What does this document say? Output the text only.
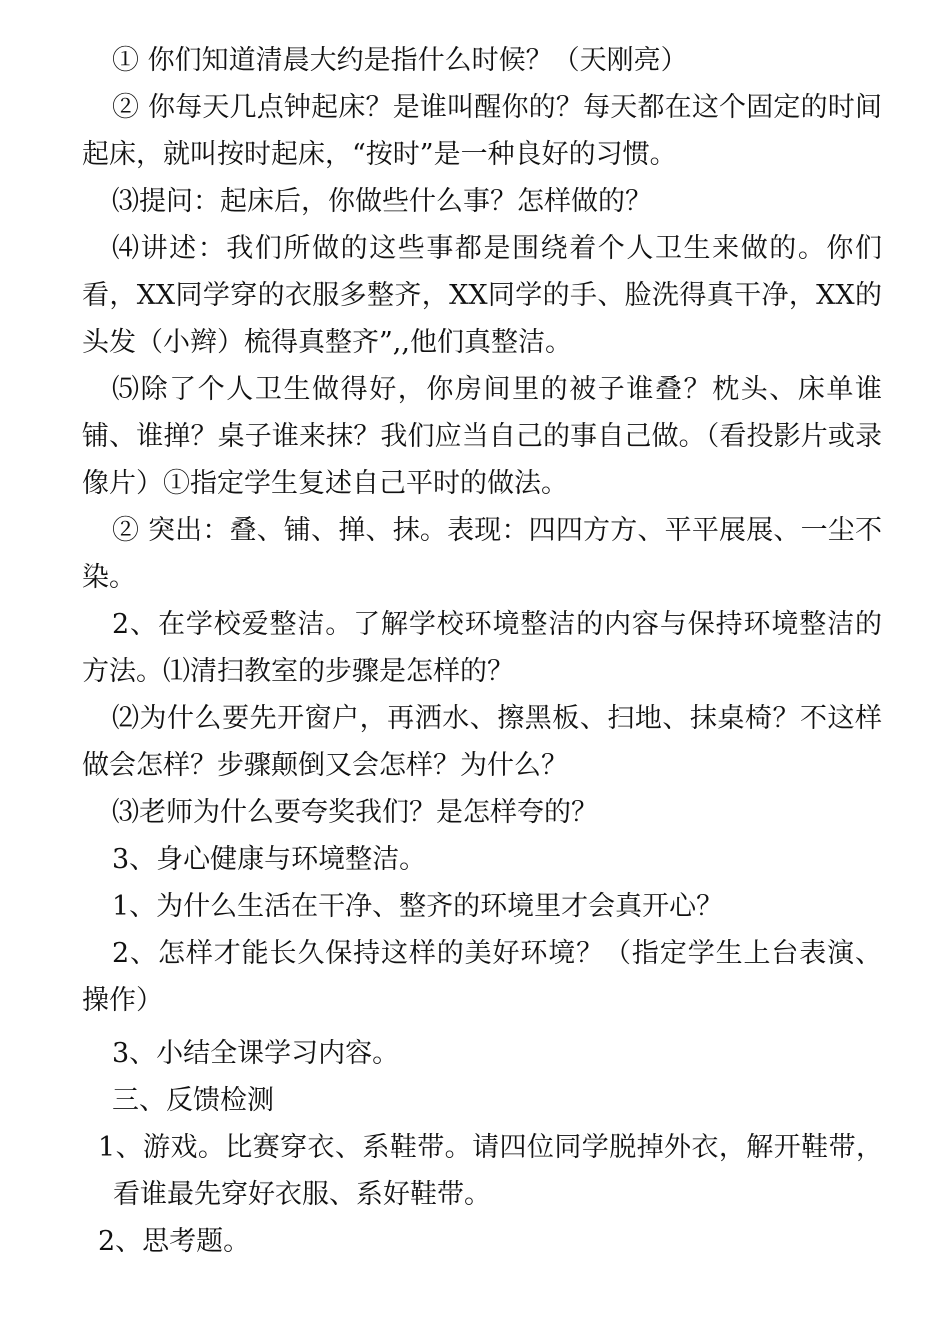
① 你们知道清晨大约是指什么时候？（天刚亮）
② 你每天几点钟起床？是谁叫醒你的？每天都在这个固定的时间起床，就叫按时起床，“按时”是一种良好的习惯。
⑶提问：起床后，你做些什么事？怎样做的？
⑷讲述：我们所做的这些事都是围绕着个人卫生来做的。你们看，XX同学穿的衣服多整齐，XX同学的手、脸洗得真干净，XX的头发（小辫）梳得真整齐”,,他们真整洁。
⑸除了个人卫生做得好，你房间里的被子谁叠？枕头、床单谁铺、谁掸？桌子谁来抹？我们应当自己的事自己做。（看投影片或录像片）①指定学生复述自己平时的做法。
② 突出：叠、铺、掸、抹。表现：四四方方、平平展展、一尘不染。
2、在学校爱整洁。了解学校环境整洁的内容与保持环境整洁的方法。⑴清扫教室的步骤是怎样的？
⑵为什么要先开窗户，再洒水、擦黑板、扫地、抹桌椅？不这样做会怎样？步骤颠倒又会怎样？为什么？
⑶老师为什么要夸奖我们？是怎样夸的？
3、身心健康与环境整洁。
1、为什么生活在干净、整齐的环境里才会真开心？
2、怎样才能长久保持这样的美好环境？（指定学生上台表演、操作）
3、小结全课学习内容。
三、反馈检测
1、游戏。比赛穿衣、系鞋带。请四位同学脱掉外衣，解开鞋带，看谁最先穿好衣服、系好鞋带。
2、思考题。
